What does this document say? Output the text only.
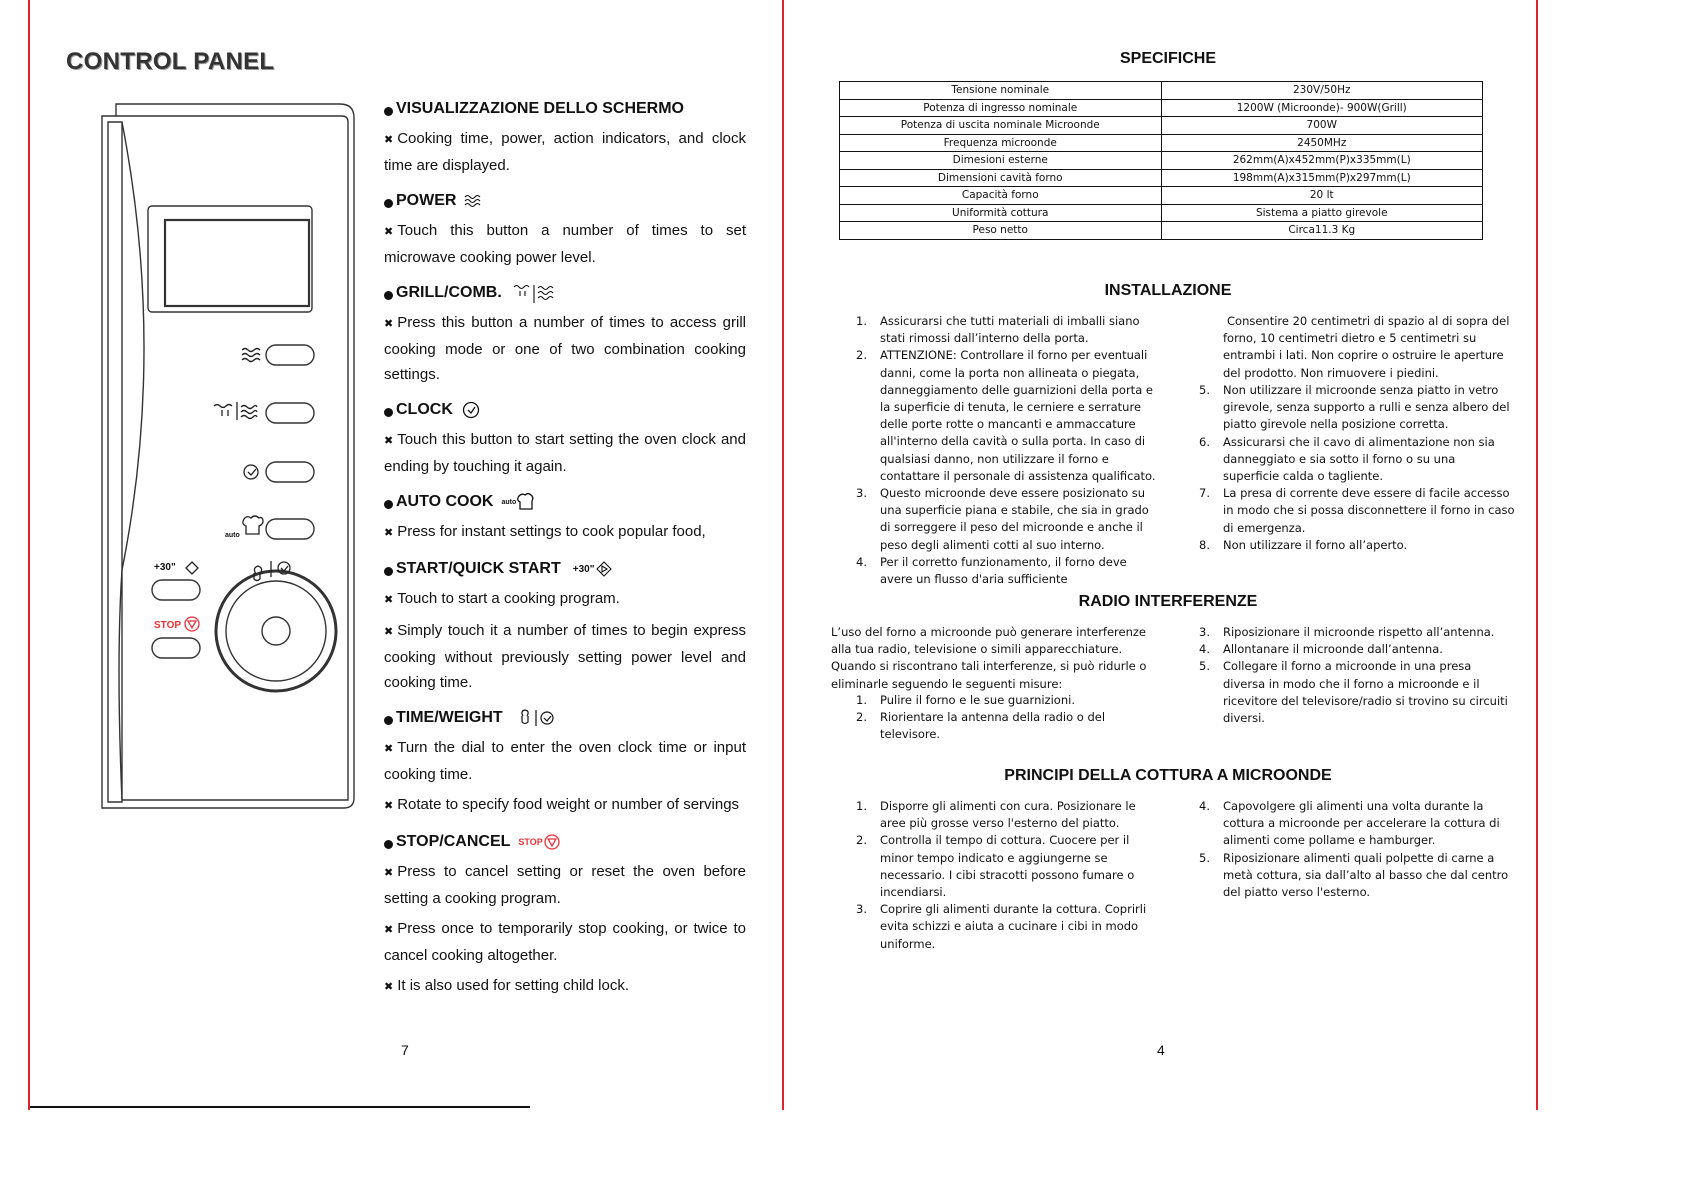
CONTROL PANEL
+30"
STOP
auto
VISUALIZZAZIONE DELLO SCHERMO
✖ Cooking time, power, action indicators, and clock time are displayed.
POWER
✖ Touch this button a number of times to set microwave cooking power level.
GRILL/COMB.
✖ Press this button a number of times to access grill cooking mode or one of two combination cooking settings.
CLOCK
✖ Touch this button to start setting the oven clock and ending by touching it again.
AUTO COOK auto
✖ Press for instant settings to cook popular food,
START/QUICK START +30"
✖ Touch to start a cooking program.
✖ Simply touch it a number of times to begin express cooking without previously setting power level and cooking time.
TIME/WEIGHT
✖ Turn the dial to enter the oven clock time or input cooking time.
✖ Rotate to specify food weight or number of servings
STOP/CANCEL STOP
✖ Press to cancel setting or reset the oven before setting a cooking program.
✖ Press once to temporarily stop cooking, or twice to cancel cooking altogether.
✖ It is also used for setting child lock.
7
SPECIFICHE
Tensione nominale	230V/50Hz
Potenza di ingresso nominale	1200W (Microonde)- 900W(Grill)
Potenza di uscita nominale Microonde	700W
Frequenza microonde	2450MHz
Dimesioni esterne	262mm(A)x452mm(P)x335mm(L)
Dimensioni cavità forno	198mm(A)x315mm(P)x297mm(L)
Capacità forno	20 lt
Uniformità cottura	Sistema a piatto girevole
Peso netto	Circa11.3 Kg
INSTALLAZIONE
1.	Assicurarsi che tutti materiali di imballi siano stati rimossi dall’interno della porta.
2.	ATTENZIONE: Controllare il forno per eventuali danni, come la porta non allineata o piegata, danneggiamento delle guarnizioni della porta e la superficie di tenuta, le cerniere e serrature delle porte rotte o mancanti e ammaccature all'interno della cavità o sulla porta. In caso di qualsiasi danno, non utilizzare il forno e contattare il personale di assistenza qualificato.
3.	Questo microonde deve essere posizionato su una superficie piana e stabile, che sia in grado di sorreggere il peso del microonde e anche il peso degli alimenti cotti al suo interno.
4.	Per il corretto funzionamento, il forno deve avere un flusso d'aria sufficiente
Consentire 20 centimetri di spazio al di sopra del forno, 10 centimetri dietro e 5 centimetri su entrambi i lati. Non coprire o ostruire le aperture del prodotto. Non rimuovere i piedini.
5.	Non utilizzare il microonde senza piatto in vetro girevole, senza supporto a rulli e senza albero del piatto girevole nella posizione corretta.
6.	Assicurarsi che il cavo di alimentazione non sia danneggiato e sia sotto il forno o su una superficie calda o tagliente.
7.	La presa di corrente deve essere di facile accesso in modo che si possa disconnettere il forno in caso di emergenza.
8.	Non utilizzare il forno all’aperto.
RADIO INTERFERENZE
L’uso del forno a microonde può generare interferenze alla tua radio, televisione o simili apparecchiature. Quando si riscontrano tali interferenze, si può ridurle o eliminarle seguendo le seguenti misure:
1.	Pulire il forno e le sue guarnizioni.
2.	Riorientare la antenna della radio o del televisore.
3.	Riposizionare il microonde rispetto all’antenna.
4.	Allontanare il microonde dall’antenna.
5.	Collegare il forno a microonde in una presa diversa in modo che il forno a microonde e il ricevitore del televisore/radio si trovino su circuiti diversi.
PRINCIPI DELLA COTTURA A MICROONDE
1.	Disporre gli alimenti con cura. Posizionare le aree più grosse verso l'esterno del piatto.
2.	Controlla il tempo di cottura. Cuocere per il minor tempo indicato e aggiungerne se necessario. I cibi stracotti possono fumare o incendiarsi.
3.	Coprire gli alimenti durante la cottura. Coprirli evita schizzi e aiuta a cucinare i cibi in modo uniforme.
4.	Capovolgere gli alimenti una volta durante la cottura a microonde per accelerare la cottura di alimenti come pollame e hamburger.
5.	Riposizionare alimenti quali polpette di carne a metà cottura, sia dall’alto al basso che dal centro del piatto verso l'esterno.
4
